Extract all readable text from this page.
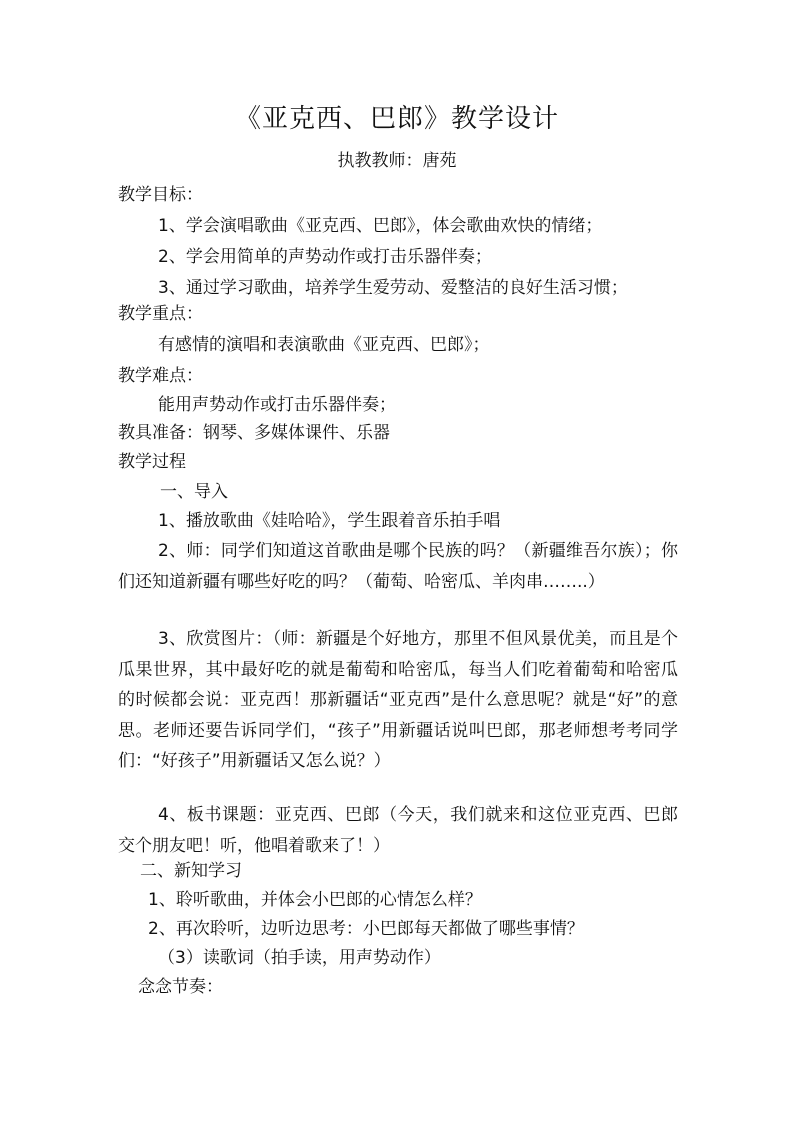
《亚克西、巴郎》教学设计
执教教师：唐苑
教学目标：
1、学会演唱歌曲《亚克西、巴郎》，体会歌曲欢快的情绪；
2、学会用简单的声势动作或打击乐器伴奏；
3、通过学习歌曲，培养学生爱劳动、爱整洁的良好生活习惯；
教学重点：
有感情的演唱和表演歌曲《亚克西、巴郎》；
教学难点：
能用声势动作或打击乐器伴奏；
教具准备：钢琴、多媒体课件、乐器
教学过程
一、导入
1、播放歌曲《娃哈哈》，学生跟着音乐拍手唱
2、师：同学们知道这首歌曲是哪个民族的吗？（新疆维吾尔族）；你们还知道新疆有哪些好吃的吗？（葡萄、哈密瓜、羊肉串……..）
3、欣赏图片：（师：新疆是个好地方，那里不但风景优美，而且是个瓜果世界，其中最好吃的就是葡萄和哈密瓜，每当人们吃着葡萄和哈密瓜的时候都会说：亚克西！那新疆话“亚克西”是什么意思呢？就是“好”的意思。老师还要告诉同学们，“孩子”用新疆话说叫巴郎，那老师想考考同学们：“好孩子”用新疆话又怎么说？）
4、板书课题：亚克西、巴郎（今天，我们就来和这位亚克西、巴郎交个朋友吧！听，他唱着歌来了！）
二、新知学习
1、聆听歌曲，并体会小巴郎的心情怎么样？
2、再次聆听，边听边思考：小巴郎每天都做了哪些事情？
（3）读歌词（拍手读，用声势动作）
念念节奏：
